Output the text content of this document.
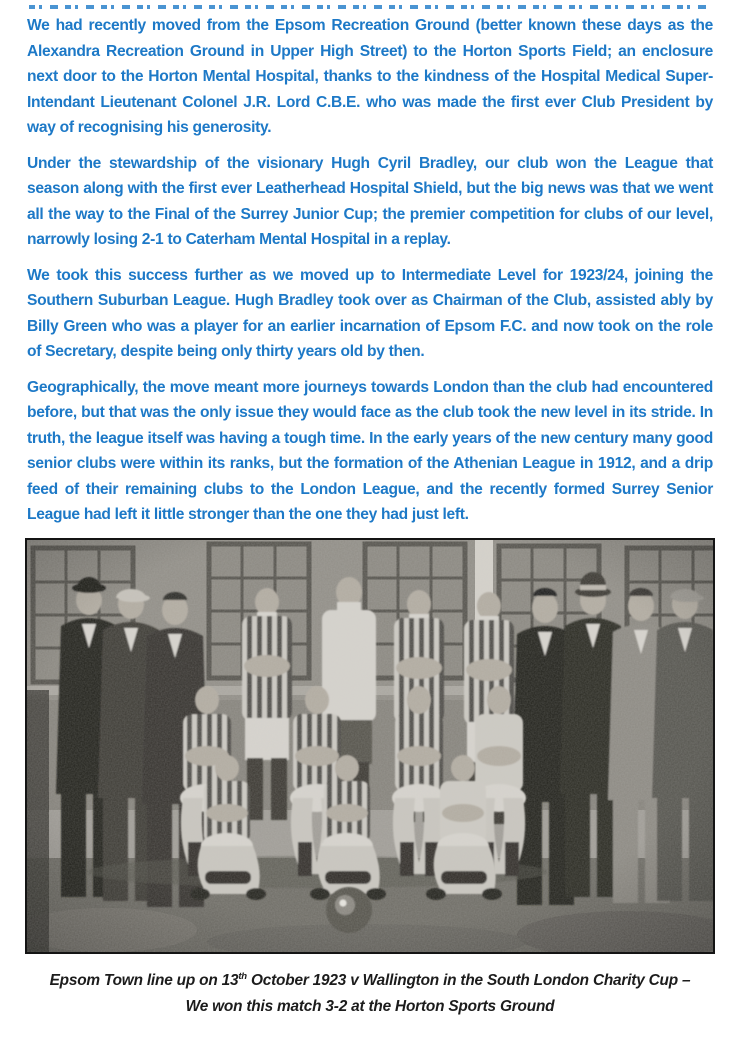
We had recently moved from the Epsom Recreation Ground (better known these days as the Alexandra Recreation Ground in Upper High Street) to the Horton Sports Field; an enclosure next door to the Horton Mental Hospital, thanks to the kindness of the Hospital Medical Super-Intendant Lieutenant Colonel J.R. Lord C.B.E. who was made the first ever Club President by way of recognising his generosity.

Under the stewardship of the visionary Hugh Cyril Bradley, our club won the League that season along with the first ever Leatherhead Hospital Shield, but the big news was that we went all the way to the Final of the Surrey Junior Cup; the premier competition for clubs of our level, narrowly losing 2-1 to Caterham Mental Hospital in a replay.

We took this success further as we moved up to Intermediate Level for 1923/24, joining the Southern Suburban League. Hugh Bradley took over as Chairman of the Club, assisted ably by Billy Green who was a player for an earlier incarnation of Epsom F.C. and now took on the role of Secretary, despite being only thirty years old by then.

Geographically, the move meant more journeys towards London than the club had encountered before, but that was the only issue they would face as the club took the new level in its stride. In truth, the league itself was having a tough time. In the early years of the new century many good senior clubs were within its ranks, but the formation of the Athenian League in 1912, and a drip feed of their remaining clubs to the London League, and the recently formed Surrey Senior League had left it little stronger than the one they had just left.

Epsom Town line up on 13th October 1923 v Wallington in the South London Charity Cup –
We won this match 3-2 at the Horton Sports Ground
